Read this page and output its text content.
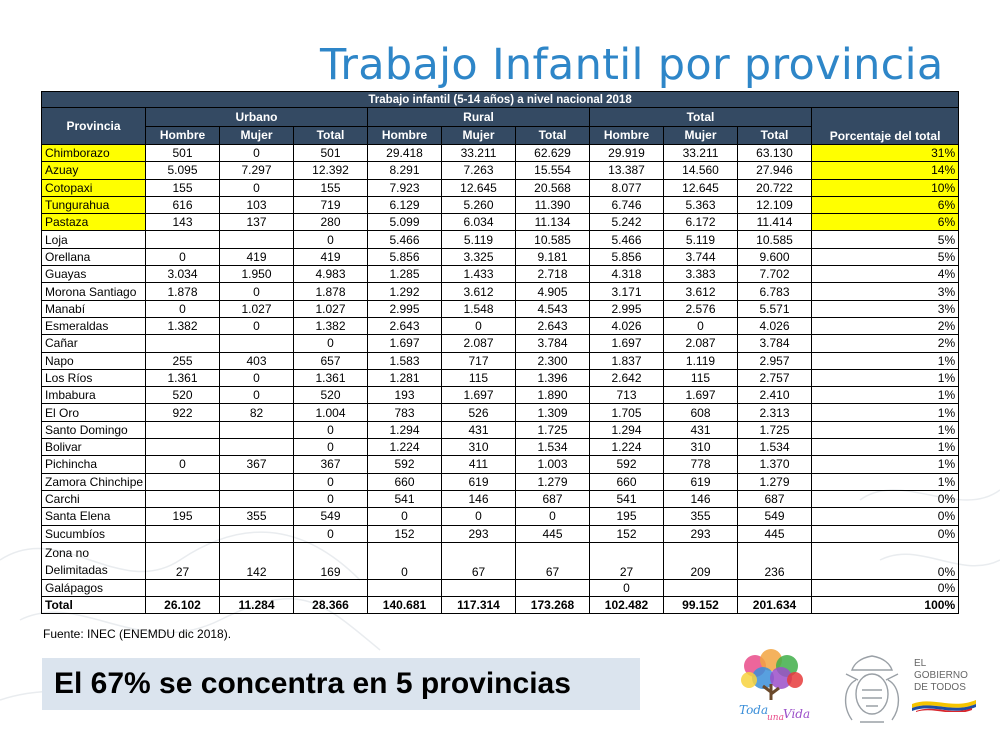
Trabajo Infantil por provincia
Trabajo infantil (5-14 años) a nivel nacional 2018										
Provincia	Urbano			Rural			Total			Porcentaje del total
	Hombre	Mujer	Total	Hombre	Mujer	Total	Hombre	Mujer	Total	
Chimborazo	501	0	501	29.418	33.211	62.629	29.919	33.211	63.130	31%
Azuay	5.095	7.297	12.392	8.291	7.263	15.554	13.387	14.560	27.946	14%
Cotopaxi	155	0	155	7.923	12.645	20.568	8.077	12.645	20.722	10%
Tungurahua	616	103	719	6.129	5.260	11.390	6.746	5.363	12.109	6%
Pastaza	143	137	280	5.099	6.034	11.134	5.242	6.172	11.414	6%
Loja			0	5.466	5.119	10.585	5.466	5.119	10.585	5%
Orellana	0	419	419	5.856	3.325	9.181	5.856	3.744	9.600	5%
Guayas	3.034	1.950	4.983	1.285	1.433	2.718	4.318	3.383	7.702	4%
Morona Santiago	1.878	0	1.878	1.292	3.612	4.905	3.171	3.612	6.783	3%
Manabí	0	1.027	1.027	2.995	1.548	4.543	2.995	2.576	5.571	3%
Esmeraldas	1.382	0	1.382	2.643	0	2.643	4.026	0	4.026	2%
Cañar			0	1.697	2.087	3.784	1.697	2.087	3.784	2%
Napo	255	403	657	1.583	717	2.300	1.837	1.119	2.957	1%
Los Ríos	1.361	0	1.361	1.281	115	1.396	2.642	115	2.757	1%
Imbabura	520	0	520	193	1.697	1.890	713	1.697	2.410	1%
El Oro	922	82	1.004	783	526	1.309	1.705	608	2.313	1%
Santo Domingo			0	1.294	431	1.725	1.294	431	1.725	1%
Bolivar			0	1.224	310	1.534	1.224	310	1.534	1%
Pichincha	0	367	367	592	411	1.003	592	778	1.370	1%
Zamora Chinchipe			0	660	619	1.279	660	619	1.279	1%
Carchi			0	541	146	687	541	146	687	0%
Santa Elena	195	355	549	0	0	0	195	355	549	0%
Sucumbíos			0	152	293	445	152	293	445	0%
Zona no Delimitadas	27	142	169	0	67	67	27	209	236	0%
Galápagos							0			0%
Total	26.102	11.284	28.366	140.681	117.314	173.268	102.482	99.152	201.634	100%
Fuente: INEC (ENEMDU dic 2018).
El 67% se concentra en 5 provincias
Toda
una Vida

EL

GOBIERNO

DE TODOS
